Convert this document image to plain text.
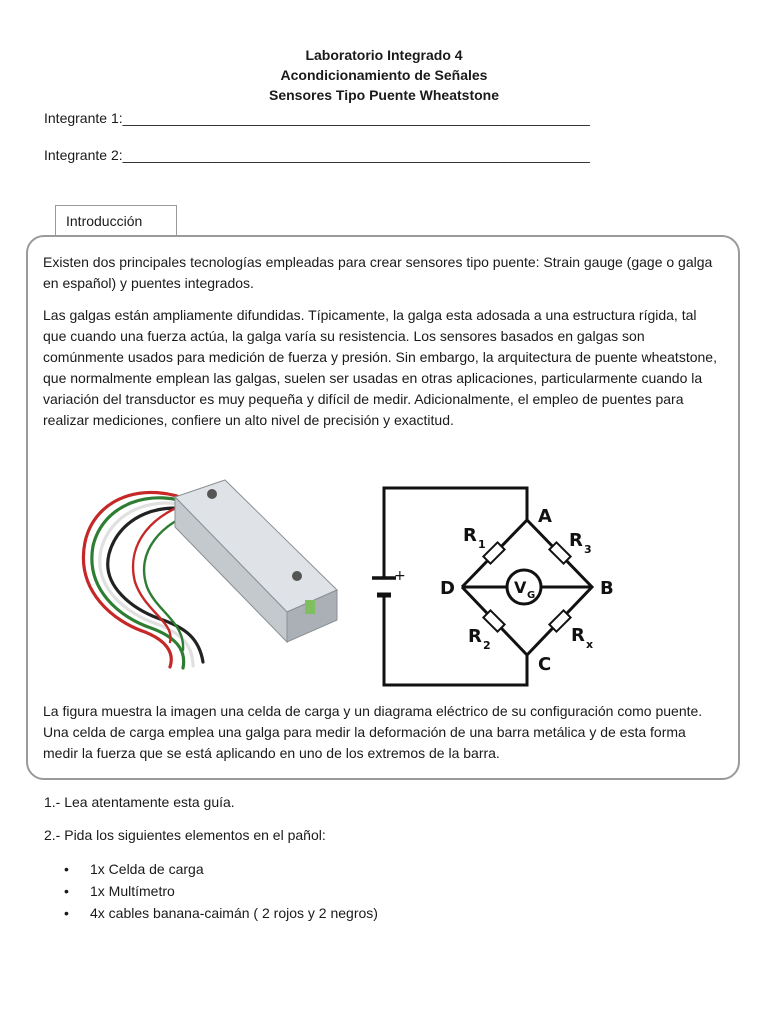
Laboratorio Integrado 4
Acondicionamiento de Señales
Sensores Tipo Puente Wheatstone
Integrante 1:____________________________________________________________
Integrante 2:____________________________________________________________
Introducción

Existen dos principales tecnologías empleadas para crear sensores tipo puente: Strain gauge (gage o galga en español) y puentes integrados.

Las galgas están ampliamente difundidas. Típicamente, la galga esta adosada a una estructura rígida, tal que cuando una fuerza actúa, la galga varía su resistencia. Los sensores basados en galgas son comúnmente usados para medición de fuerza y presión. Sin embargo, la arquitectura de puente wheatstone, que normalmente emplean las galgas, suelen ser usadas en otras aplicaciones, particularmente cuando la variación del transductor es muy pequeña y difícil de medir. Adicionalmente, el empleo de puentes para realizar mediciones, confiere un alto nivel de precisión y exactitud.

+
A
B
C
D
R 1
R 2
R 3
R x
V G

La figura muestra la imagen una celda de carga y un diagrama eléctrico de su configuración como puente. Una celda de carga emplea una galga para medir la deformación de una barra metálica y de esta forma medir la fuerza que se está aplicando en uno de los extremos de la barra.

1.- Lea atentamente esta guía.
2.- Pida los siguientes elementos en el pañol:
• 1x Celda de carga
• 1x Multímetro
• 4x cables banana-caimán ( 2 rojos y 2 negros)
